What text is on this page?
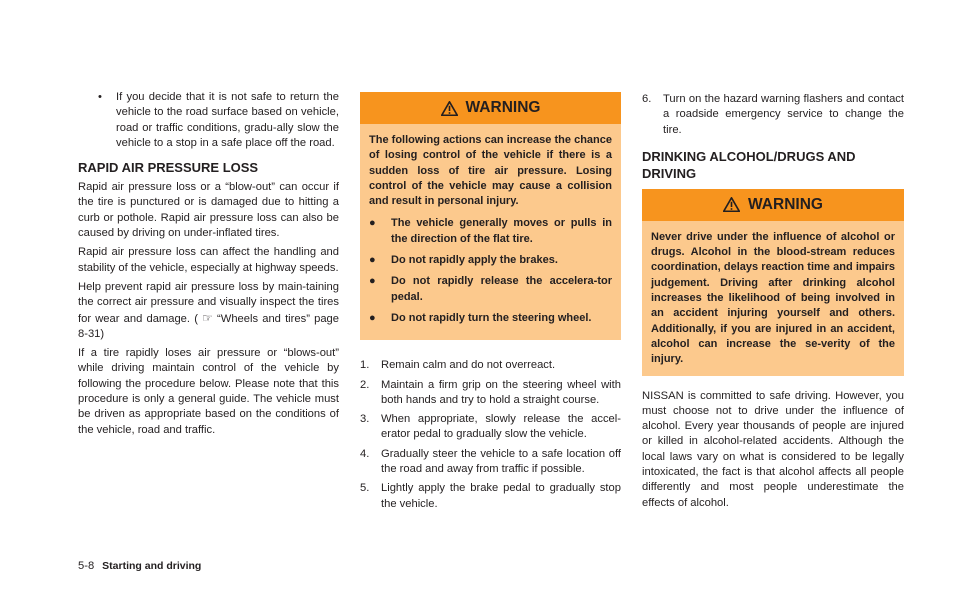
•	If you decide that it is not safe to return the vehicle to the road surface based on vehicle, road or traffic conditions, gradu-ally slow the vehicle to a stop in a safe place off the road.
RAPID AIR PRESSURE LOSS

Rapid air pressure loss or a “blow-out” can occur if the tire is punctured or is damaged due to hitting a curb or pothole. Rapid air pressure loss can also be caused by driving on under-inflated tires.

Rapid air pressure loss can affect the handling and stability of the vehicle, especially at highway speeds.

Help prevent rapid air pressure loss by main-taining the correct air pressure and visually inspect the tires for wear and damage. ( ☞ “Wheels and tires” page 8-31)

If a tire rapidly loses air pressure or “blows-out” while driving maintain control of the vehicle by following the procedure below. Please note that this procedure is only a general guide. The vehicle must be driven as appropriate based on the conditions of the vehicle, road and traffic.

WARNING

The following actions can increase the chance of losing control of the vehicle if there is a sudden loss of tire air pressure. Losing control of the vehicle may cause a collision and result in personal injury.

●	The vehicle generally moves or pulls in the direction of the flat tire.
●	Do not rapidly apply the brakes.
●	Do not rapidly release the accelera-tor pedal.
●	Do not rapidly turn the steering wheel.
1.	Remain calm and do not overreact.
2.	Maintain a firm grip on the steering wheel with both hands and try to hold a straight course.
3.	When appropriate, slowly release the accel-erator pedal to gradually slow the vehicle.
4.	Gradually steer the vehicle to a safe location off the road and away from traffic if possible.
5.	Lightly apply the brake pedal to gradually stop the vehicle.
6.	Turn on the hazard warning flashers and contact a roadside emergency service to change the tire.
DRINKING ALCOHOL/DRUGS AND DRIVING
WARNING

Never drive under the influence of alcohol or drugs. Alcohol in the blood-stream reduces coordination, delays reaction time and impairs judgement. Driving after drinking alcohol increases the likelihood of being involved in an accident injuring yourself and others. Additionally, if you are injured in an accident, alcohol can increase the se-verity of the injury.

NISSAN is committed to safe driving. However, you must choose not to drive under the influence of alcohol. Every year thousands of people are injured or killed in alcohol-related accidents. Although the local laws vary on what is considered to be legally intoxicated, the fact is that alcohol affects all people differently and most people underestimate the effects of alcohol.

5-8 Starting and driving
